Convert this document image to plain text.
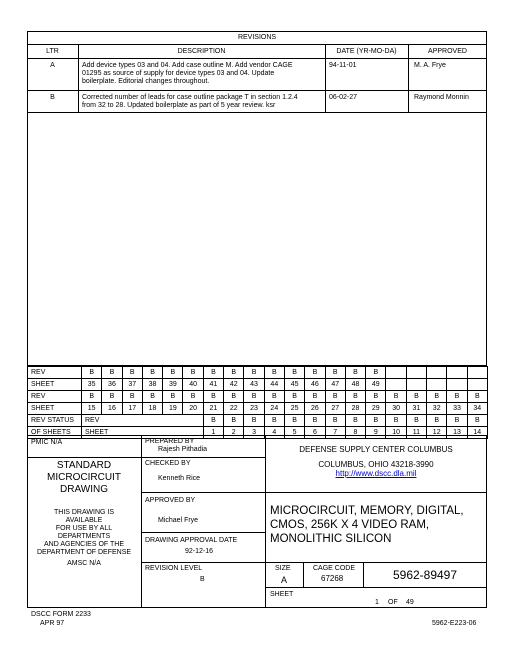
REVISIONS
LTR	DESCRIPTION	DATE (YR-MO-DA)	APPROVED
A	Add device types 03 and 04. Add case outline M. Add vendor CAGE
01295 as source of supply for device types 03 and 04. Update
boilerplate. Editorial changes throughout.
94-11-01	M. A. Frye
B	Corrected number of leads for case outline package T in section 1.2.4
from 32 to 28. Updated boilerplate as part of 5 year review. ksr
06-02-27	Raymond Monnin
REV	B	B	B	B	B	B	B	B	B	B	B	B	B	B	B					
SHEET	35	36	37	38	39	40	41	42	43	44	45	46	47	48	49					
REV	B	B	B	B	B	B	B	B	B	B	B	B	B	B	B	B	B	B	B	B
SHEET	15	16	17	18	19	20	21	22	23	24	25	26	27	28	29	30	31	32	33	34
REV STATUS	REV						B	B	B	B	B	B	B	B	B	B	B	B	B	B
OF SHEETS	SHEET						1	2	3	4	5	6	7	8	9	10	11	12	13	14
PMIC N/A
STANDARD
MICROCIRCUIT
DRAWING
THIS DRAWING IS
AVAILABLE
FOR USE BY ALL
DEPARTMENTS
AND AGENCIES OF THE
DEPARTMENT OF DEFENSE
AMSC N/A
PREPARED BY
Rajesh Pithadia
CHECKED BY
Kenneth Rice
APPROVED BY
Michael Frye
DRAWING APPROVAL DATE
92-12-16
REVISION LEVEL
B
DEFENSE SUPPLY CENTER COLUMBUS
COLUMBUS, OHIO 43218-3990
http://www.dscc.dla.mil
MICROCIRCUIT, MEMORY, DIGITAL,
CMOS, 256K X 4 VIDEO RAM,
MONOLITHIC SILICON
SIZE
A
CAGE CODE
67268	5962-89497
SHEET
1 OF 49
DSCC FORM 2233
APR 97	5962-E223-06
